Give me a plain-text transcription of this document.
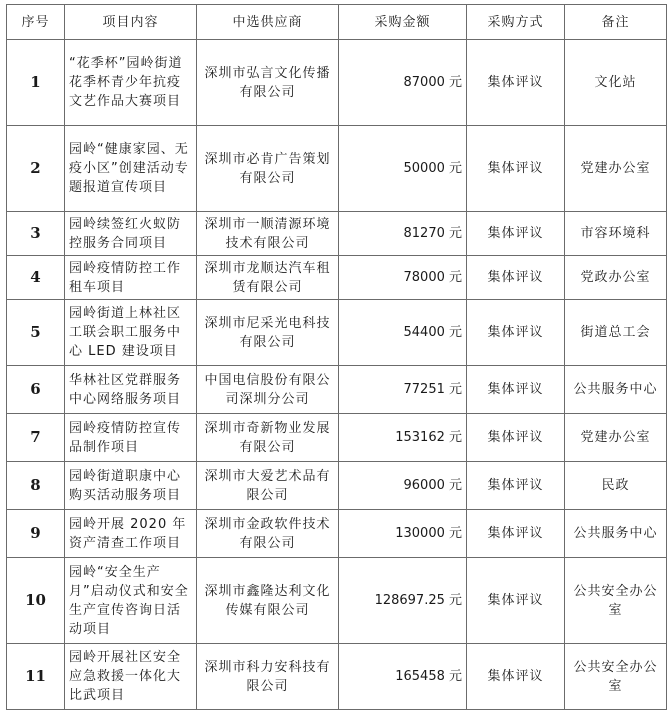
序号	项目内容	中选供应商	采购金额	采购方式	备注
1	“花季杯”园岭街道花季杯青少年抗疫文艺作品大赛项目	深圳市弘言文化传播有限公司	87000 元	集体评议	文化站
2	园岭“健康家园、无疫小区”创建活动专题报道宣传项目	深圳市必肯广告策划有限公司	50000 元	集体评议	党建办公室
3	园岭续签红火蚁防控服务合同项目	深圳市一顺清源环境技术有限公司	81270 元	集体评议	市容环境科
4	园岭疫情防控工作租车项目	深圳市龙顺达汽车租赁有限公司	78000 元	集体评议	党政办公室
5	园岭街道上林社区工联会职工服务中心 LED 建设项目	深圳市尼采光电科技有限公司	54400 元	集体评议	街道总工会
6	华林社区党群服务中心网络服务项目	中国电信股份有限公司深圳分公司	77251 元	集体评议	公共服务中心
7	园岭疫情防控宣传品制作项目	深圳市奇新物业发展有限公司	153162 元	集体评议	党建办公室
8	园岭街道职康中心购买活动服务项目	深圳市大爱艺术品有限公司	96000 元	集体评议	民政
9	园岭开展 2020 年资产清查工作项目	深圳市金政软件技术有限公司	130000 元	集体评议	公共服务中心
10	园岭“安全生产月”启动仪式和安全生产宣传咨询日活动项目	深圳市鑫隆达利文化传媒有限公司	128697.25 元	集体评议	公共安全办公室
11	园岭开展社区安全应急救援一体化大比武项目	深圳市科力安科技有限公司	165458 元	集体评议	公共安全办公室
